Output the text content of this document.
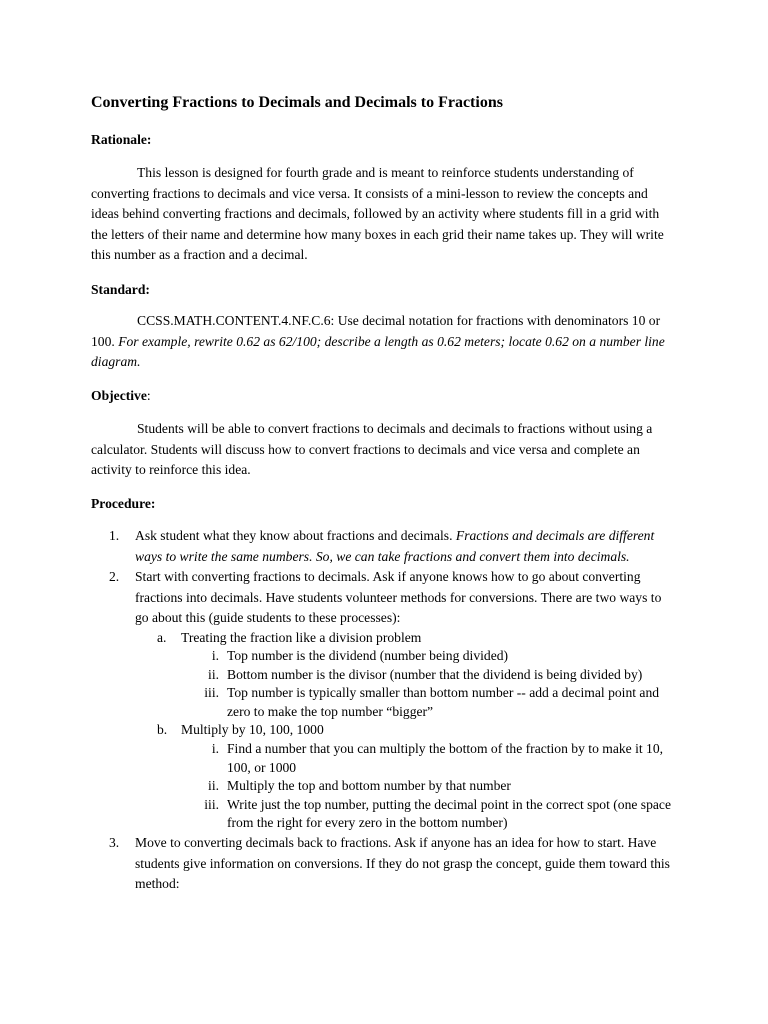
Converting Fractions to Decimals and Decimals to Fractions
Rationale:

This lesson is designed for fourth grade and is meant to reinforce students understanding of converting fractions to decimals and vice versa. It consists of a mini-lesson to review the concepts and ideas behind converting fractions and decimals, followed by an activity where students fill in a grid with the letters of their name and determine how many boxes in each grid their name takes up. They will write this number as a fraction and a decimal.

Standard:

CCSS.MATH.CONTENT.4.NF.C.6: Use decimal notation for fractions with denominators 10 or 100. For example, rewrite 0.62 as 62/100; describe a length as 0.62 meters; locate 0.62 on a number line diagram.

Objective:

Students will be able to convert fractions to decimals and decimals to fractions without using a calculator. Students will discuss how to convert fractions to decimals and vice versa and complete an activity to reinforce this idea.

Procedure:
1. Ask student what they know about fractions and decimals. Fractions and decimals are different ways to write the same numbers. So, we can take fractions and convert them into decimals.
2. Start with converting fractions to decimals. Ask if anyone knows how to go about converting fractions into decimals. Have students volunteer methods for conversions. There are two ways to go about this (guide students to these processes):
a. Treating the fraction like a division problem
i. Top number is the dividend (number being divided)
ii. Bottom number is the divisor (number that the dividend is being divided by)
iii. Top number is typically smaller than bottom number -- add a decimal point and zero to make the top number “bigger”
b. Multiply by 10, 100, 1000
i. Find a number that you can multiply the bottom of the fraction by to make it 10, 100, or 1000
ii. Multiply the top and bottom number by that number
iii. Write just the top number, putting the decimal point in the correct spot (one space from the right for every zero in the bottom number)
3. Move to converting decimals back to fractions. Ask if anyone has an idea for how to start. Have students give information on conversions. If they do not grasp the concept, guide them toward this method:
